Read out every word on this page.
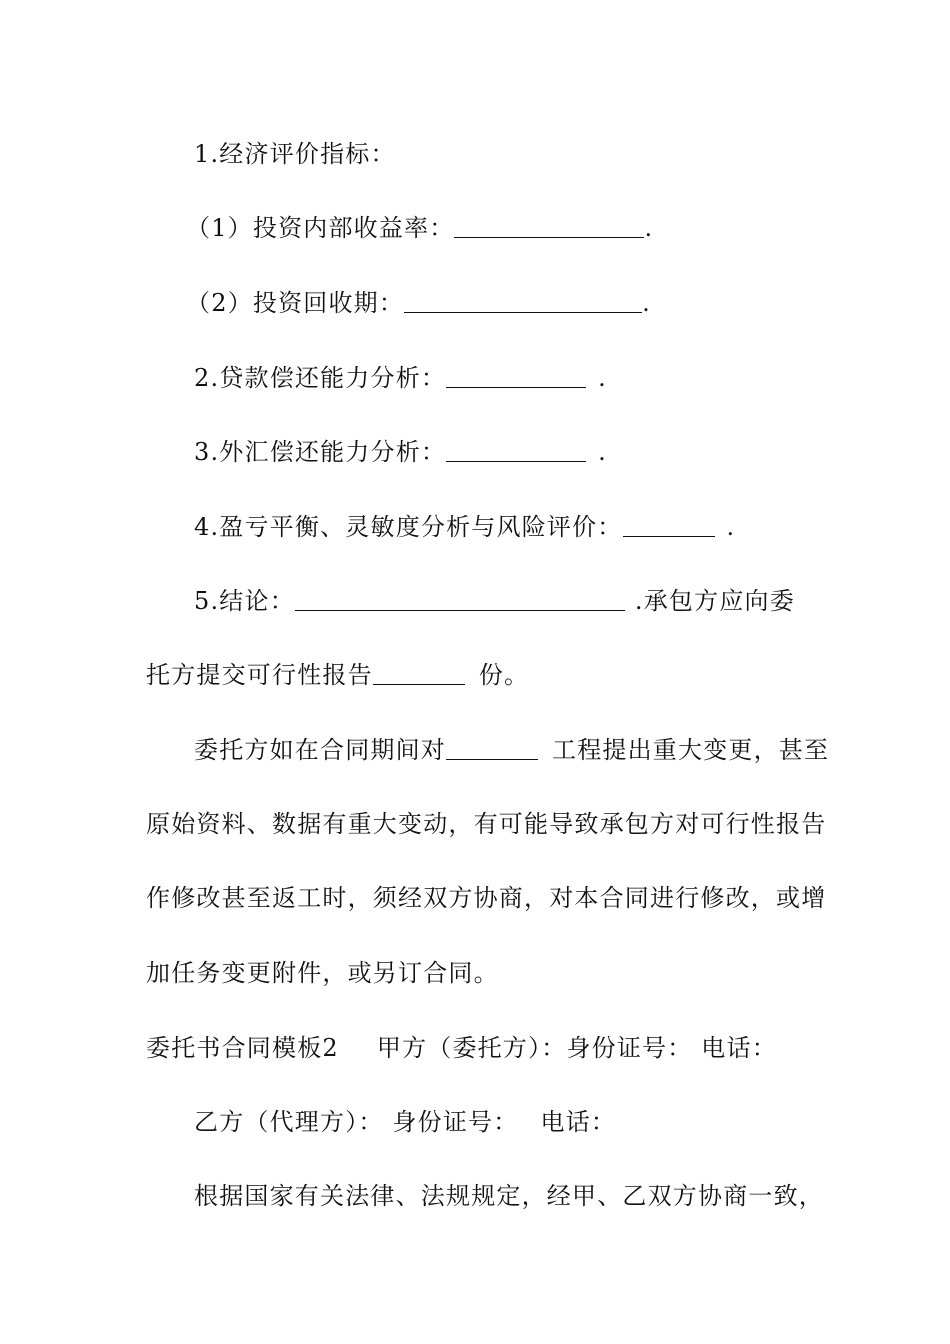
1.经济评价指标：
（1）投资内部收益率：	.
（2）投资回收期：	.
2.贷款偿还能力分析：	.
3.外汇偿还能力分析：	.
4.盈亏平衡、灵敏度分析与风险评价：	.
5.结论：	.承包方应向委
托方提交可行性报告	份。
委托方如在合同期间对	工程提出重大变更，甚至
原始资料、数据有重大变动，有可能导致承包方对可行性报告
作修改甚至返工时，须经双方协商，对本合同进行修改，或增
加任务变更附件，或另订合同。
委托书合同模板2 甲方（委托方）：身份证号： 电话：
乙方（代理方）： 身份证号： 电话：
根据国家有关法律、法规规定，经甲、乙双方协商一致，
